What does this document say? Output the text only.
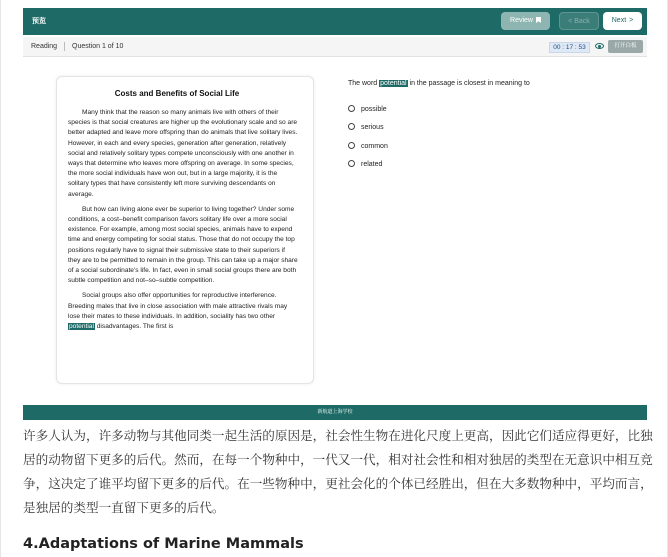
预览	Review	< Back	Next >
Reading Question 1 of 10	00 : 17 : 53	打开白板
Costs and Benefits of Social Life

Many think that the reason so many animals live with others of their species is that social creatures are higher up the evolutionary scale and so are better adapted and leave more offspring than do animals that live solitary lives. However, in each and every species, generation after generation, relatively social and relatively solitary types compete unconsciously with one another in ways that determine who leaves more offspring on average. In some species, the more social individuals have won out, but in a large majority, it is the solitary types that have consistently left more surviving descendants on average.

But how can living alone ever be superior to living together? Under some conditions, a cost–benefit comparison favors solitary life over a more social existence. For example, among most social species, animals have to expend time and energy competing for social status. Those that do not occupy the top positions regularly have to signal their submissive state to their superiors if they are to be permitted to remain in the group. This can take up a major share of a social subordinate's life. In fact, even in small social groups there are both subtle competition and not–so–subtle competition.

Social groups also offer opportunities for reproductive interference. Breeding males that live in close association with male attractive rivals may lose their mates to these individuals. In addition, sociality has two other potential disadvantages. The first is

The word potential in the passage is closest in meaning to
possible
serious
common
related
新航道上海学校
许多人认为，许多动物与其他同类一起生活的原因是，社会性生物在进化尺度上更高，因此它们适应得更好，比独居的动物留下更多的后代。然而，在每一个物种中，一代又一代，相对社会性和相对独居的类型在无意识中相互竞争，这决定了谁平均留下更多的后代。在一些物种中，更社会化的个体已经胜出，但在大多数物种中，平均而言，是独居的类型一直留下更多的后代。
4.Adaptations of Marine Mammals
